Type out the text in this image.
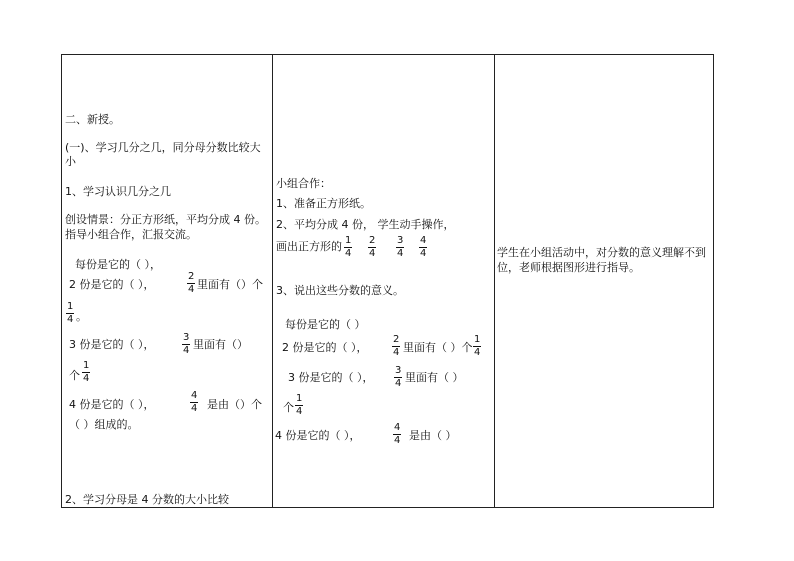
二、新授。
(一)、学习几分之几，同分母分数比较大
小
1、学习认识几分之几
创设情景：分正方形纸，平均分成 4 份。
指导小组合作，汇报交流。
每份是它的（ ），
2 份是它的（ ），
2
4 里面有（）个
1
4 。
3 份是它的（ ），
3
4 里面有（）
个
1
4
4 份是它的（ ），
4
4 是由（）个
（ ）组成的。
2、学习分母是 4 分数的大小比较
小组合作：
1、准备正方形纸。
2、平均分成 4 份， 学生动手操作，
画出正方形的 1
4
2
4
3
4
4
4
3、说出这些分数的意义。
每份是它的（ ）
2 份是它的（ ），
2
4 里面有（ ）个
1
4
3 份是它的（ ），
3
4 里面有（ ）
个
1
4
4 份是它的（ ），
4
4 是由（ ）
学生在小组活动中，对分数的意义理解不到
位，老师根据图形进行指导。
